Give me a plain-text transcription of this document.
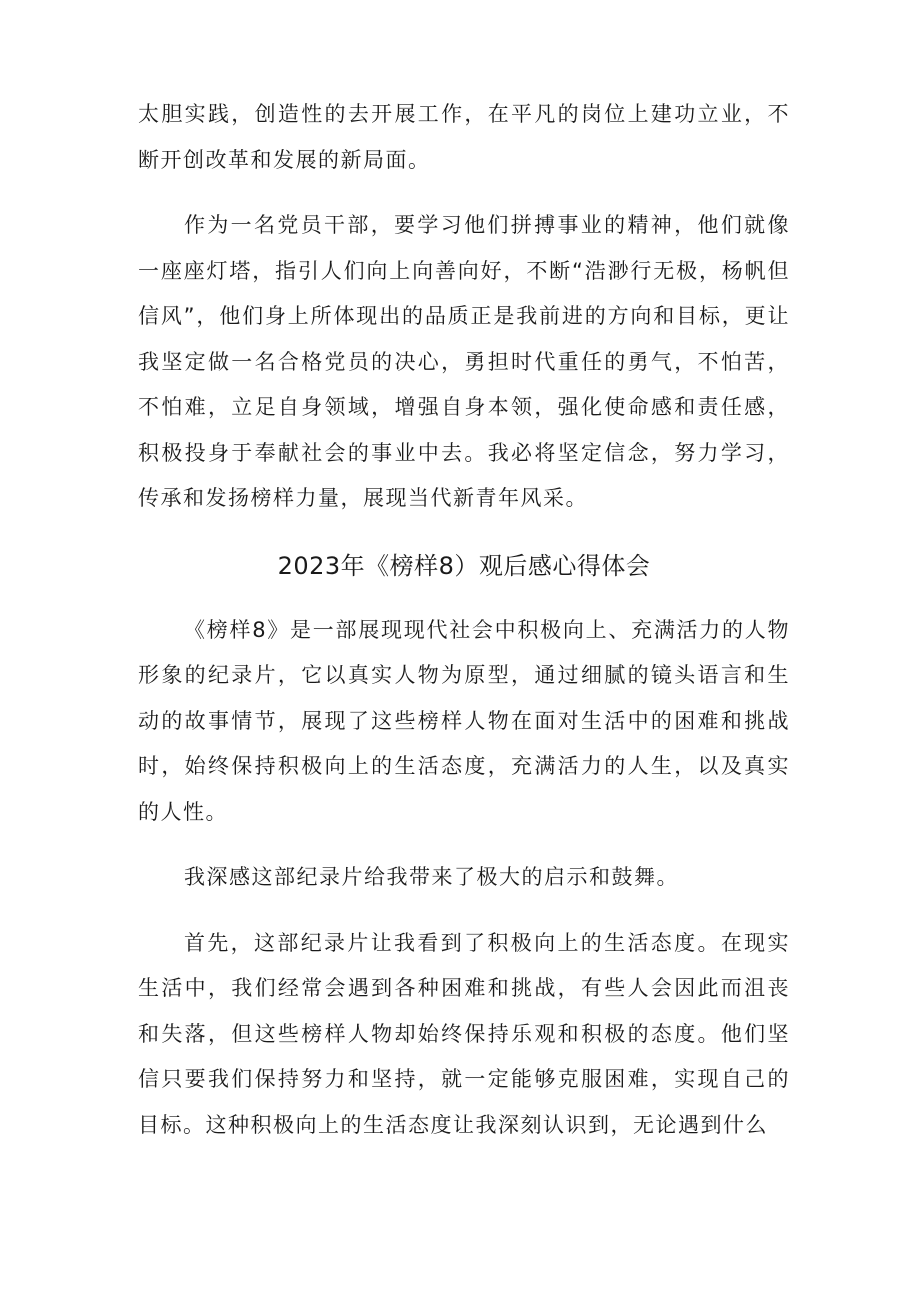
太胆实践，创造性的去开展工作，在平凡的岗位上建功立业，不断开创改革和发展的新局面。

作为一名党员干部，要学习他们拼搏事业的精神，他们就像一座座灯塔，指引人们向上向善向好，不断“浩渺行无极，杨帆但信风”，他们身上所体现出的品质正是我前进的方向和目标，更让我坚定做一名合格党员的决心，勇担时代重任的勇气，不怕苦，不怕难，立足自身领域，增强自身本领，强化使命感和责任感，积极投身于奉献社会的事业中去。我必将坚定信念，努力学习，传承和发扬榜样力量，展现当代新青年风采。

2023年《榜样8）观后感心得体会

《榜样8》是一部展现现代社会中积极向上、充满活力的人物形象的纪录片，它以真实人物为原型，通过细腻的镜头语言和生动的故事情节，展现了这些榜样人物在面对生活中的困难和挑战时，始终保持积极向上的生活态度，充满活力的人生，以及真实的人性。

我深感这部纪录片给我带来了极大的启示和鼓舞。

首先，这部纪录片让我看到了积极向上的生活态度。在现实生活中，我们经常会遇到各种困难和挑战，有些人会因此而沮丧和失落，但这些榜样人物却始终保持乐观和积极的态度。他们坚信只要我们保持努力和坚持，就一定能够克服困难，实现自己的目标。这种积极向上的生活态度让我深刻认识到，无论遇到什么
